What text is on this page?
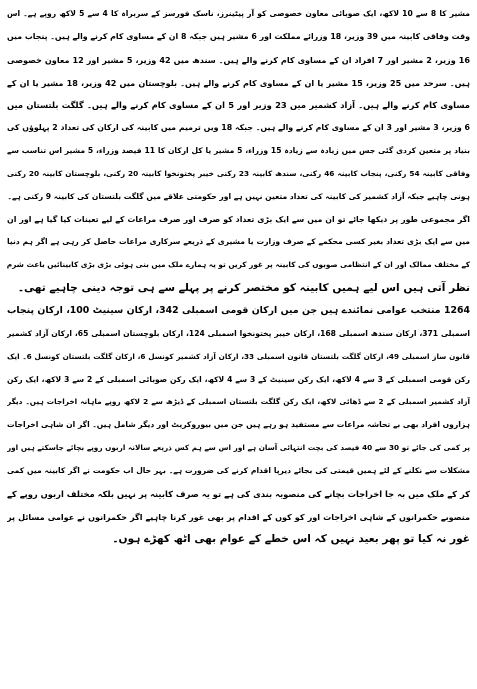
مشیر کا 8 سے 10 لاکھ، ایک صوبائی معاون خصوصی کو آر پیٹینرز، ناسک فورسز کے سربراہ کا 4 سے 5 لاکھ روپے ہے۔ اس
وقت وفاقی کابینہ میں 39 وزیر، 18 وزرائے مملکت اور 6 مشیر ہیں جبکہ 8 ان کے مساوی کام کرنے والے ہیں۔ پنجاب میں
16 وزیر، 2 مشیر اور 7 افراد ان کے مساوی کام کرنے والے ہیں۔ سندھ میں 42 وزیر، 5 مشیر اور 12 معاون خصوصی
ہیں۔ سرحد میں 25 وزیر، 15 مشیر یا ان کے مساوی کام کرنے والے ہیں۔ بلوچستان میں 42 وزیر، 18 مشیر یا ان کے
مساوی کام کرنے والے ہیں۔ آزاد کشمیر میں 23 وزیر اور 5 ان کے مساوی کام کرنے والے ہیں۔ گلگت بلتستان میں
6 وزیر، 3 مشیر اور 3 ان کے مساوی کام کرنے والے ہیں۔ جبکہ 18 ویں ترمیم میں کابینہ کی ارکان کی تعداد 2 پہلوؤں کی
بنیاد پر متعین کردی گئی جس میں زیادہ سے زیادہ 15 وزراء، 5 مشیر یا کل ارکان کا 11 فیصد وزراء، 5 مشیر اس تناسب سے
وفاقی کابینہ 54 رکنی، پنجاب کابینہ 46 رکنی، سندھ کابینہ 23 رکنی خیبر پختونخوا کابینہ 20 رکنی، بلوچستان کابینہ 20 رکنی
ہونی چاہیے جبکہ آزاد کشمیر کی کابینہ کی تعداد متعین نہیں ہے اور حکومتی علاقے میں گلگت بلتستان کی کابینہ 9 رکنی ہے۔
اگر مجموعی طور پر دیکھا جائے تو ان میں سے ایک بڑی تعداد کو صرف اور صرف مراعات کے لیے تعینات کیا گیا ہے اور ان
میں سے ایک بڑی تعداد بغیر کسی محکمے کے صرف وزارت یا مشیری کے ذریعے سرکاری مراعات حاصل کر رہی ہے اگر ہم دنیا
کے مختلف ممالک اور ان کے انتظامی صوبوں کی کابینہ پر غور کریں تو یہ ہمارے ملک میں بنی ہوئی بڑی بڑی کابینائیں باعث شرم
نظر آتی ہیں اس لیے ہمیں کابینہ کو مختصر کرنے پر پہلے سے ہی توجہ دینی چاہیے تھی۔
1264 منتخب عوامی نمائندے ہیں جن میں ارکان قومی اسمبلی 342، ارکان سینیٹ 100، ارکان پنجاب
اسمبلی 371، ارکان سندھ اسمبلی 168، ارکان خیبر پختونخوا اسمبلی 124، ارکان بلوچستان اسمبلی 65، ارکان آزاد کشمیر
قانون ساز اسمبلی 49، ارکان گلگت بلتستان قانون اسمبلی 33، ارکان آزاد کشمیر کونسل 6، ارکان گلگت بلتستان کونسل 6۔ ایک
رکن قومی اسمبلی کے 3 سے 4 لاکھ، ایک رکن سینیٹ کے 3 سے 4 لاکھ، ایک رکن صوبائی اسمبلی کے 2 سے 3 لاکھ، ایک رکن
آزاد کشمیر اسمبلی کے 2 سے ڈھائی لاکھ، ایک رکن گلگت بلتستان اسمبلی کے ڈیڑھ سے 2 لاکھ روپے ماہانہ اخراجات ہیں۔ دیگر
ہزاروں افراد بھی بے تحاشہ مراعات سے مستفید ہو رہے ہیں جن میں بیوروکریٹ اور دیگر شامل ہیں۔ اگر ان شاہی اخراجات
پر کمی کی جائے تو 30 سے 40 فیصد کی بچت انتہائی آسان ہے اور اس سے ہم کس ذریعے سالانہ اربوں روپے بچائے جاسکتے ہیں اور
مشکلات سے نکلنے کے لئے ہمیں قیمتی کی بجائے دیرپا اقدام کرنے کی ضرورت ہے۔ بہر حال اب حکومت نے اگر کابینہ میں کمی
کر کے ملک میں بہ جا اخراجات بچانے کی منصوبہ بندی کی ہے تو یہ صرف کابینہ پر نہیں بلکہ مختلف اربوں روپے کے
منصوبے حکمرانوں کے شاہی اخراجات اور کو کوں کے اقدام پر بھی غور کرنا چاہیے اگر حکمرانوں نے عوامی مسائل پر
غور نہ کیا تو پھر بعید نہیں کہ اس خطے کے عوام بھی اٹھ کھڑے ہوں۔
